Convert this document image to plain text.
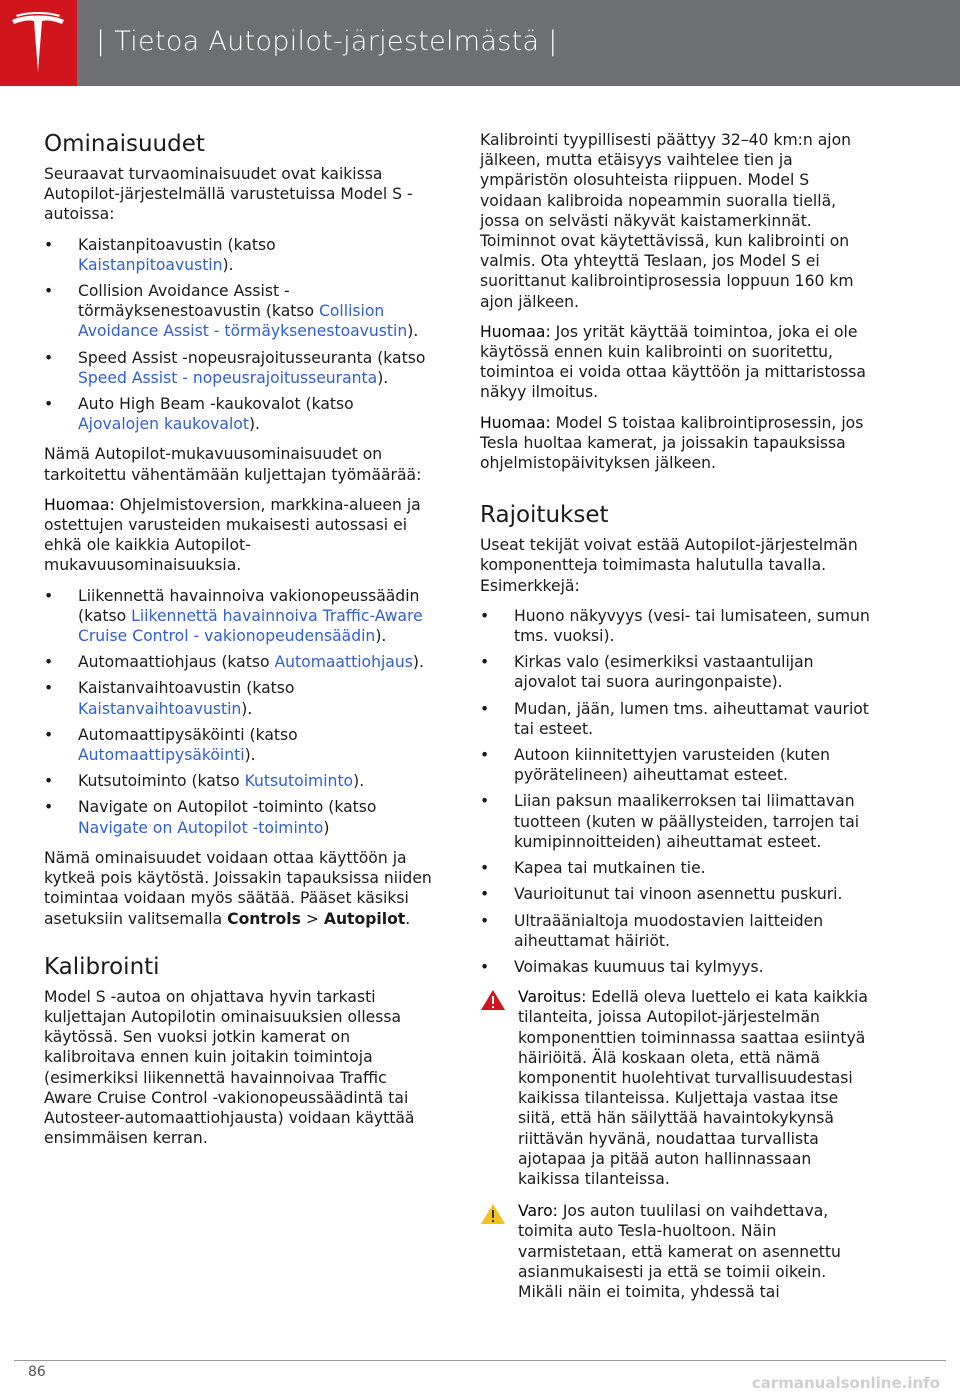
| Tietoa Autopilot-järjestelmästä |
Ominaisuudet

Seuraavat turvaominaisuudet ovat kaikissa Autopilot-järjestelmällä varustetuissa Model S -autoissa:

• Kaistanpitoavustin (katso Kaistanpitoavustin).
• Collision Avoidance Assist - törmäyksenestoavustin (katso Collision Avoidance Assist - törmäyksenestoavustin).
• Speed Assist -nopeusrajoitusseuranta (katso Speed Assist - nopeusrajoitusseuranta).
• Auto High Beam -kaukovalot (katso Ajovalojen kaukovalot).

Nämä Autopilot-mukavuusominaisuudet on tarkoitettu vähentämään kuljettajan työmäärää:

Huomaa: Ohjelmistoversion, markkina-alueen ja ostettujen varusteiden mukaisesti autossasi ei ehkä ole kaikkia Autopilot-mukavuusominaisuuksia.

• Liikennettä havainnoiva vakionopeussäädin (katso Liikennettä havainnoiva Traffic-Aware Cruise Control - vakionopeudensäädin).
• Automaattiohjaus (katso Automaattiohjaus).
• Kaistanvaihtoavustin (katso Kaistanvaihtoavustin).
• Automaattipysäköinti (katso Automaattipysäköinti).
• Kutsutoiminto (katso Kutsutoiminto).
• Navigate on Autopilot -toiminto (katso Navigate on Autopilot -toiminto)

Nämä ominaisuudet voidaan ottaa käyttöön ja kytkeä pois käytöstä. Joissakin tapauksissa niiden toimintaa voidaan myös säätää. Pääset käsiksi asetuksiin valitsemalla Controls > Autopilot.

Kalibrointi

Model S -autoa on ohjattava hyvin tarkasti kuljettajan Autopilotin ominaisuuksien ollessa käytössä. Sen vuoksi jotkin kamerat on kalibroitava ennen kuin joitakin toimintoja (esimerkiksi liikennettä havainnoivaa Traffic Aware Cruise Control -vakionopeussäädintä tai Autosteer-automaattiohjausta) voidaan käyttää ensimmäisen kerran.

Kalibrointi tyypillisesti päättyy 32–40 km:n ajon jälkeen, mutta etäisyys vaihtelee tien ja ympäristön olosuhteista riippuen. Model S voidaan kalibroida nopeammin suoralla tiellä, jossa on selvästi näkyvät kaistamerkinnät. Toiminnot ovat käytettävissä, kun kalibrointi on valmis. Ota yhteyttä Teslaan, jos Model S ei suorittanut kalibrointiprosessia loppuun 160 km ajon jälkeen.

Huomaa: Jos yrität käyttää toimintoa, joka ei ole käytössä ennen kuin kalibrointi on suoritettu, toimintoa ei voida ottaa käyttöön ja mittaristossa näkyy ilmoitus.

Huomaa: Model S toistaa kalibrointiprosessin, jos Tesla huoltaa kamerat, ja joissakin tapauksissa ohjelmistopäivityksen jälkeen.

Rajoitukset

Useat tekijät voivat estää Autopilot-järjestelmän komponentteja toimimasta halutulla tavalla. Esimerkkejä:

• Huono näkyvyys (vesi- tai lumisateen, sumun tms. vuoksi).
• Kirkas valo (esimerkiksi vastaantulijan ajovalot tai suora auringonpaiste).
• Mudan, jään, lumen tms. aiheuttamat vauriot tai esteet.
• Autoon kiinnitettyjen varusteiden (kuten pyörätelineen) aiheuttamat esteet.
• Liian paksun maalikerroksen tai liimattavan tuotteen (kuten w päällysteiden, tarrojen tai kumipinnoitteiden) aiheuttamat esteet.
• Kapea tai mutkainen tie.
• Vaurioitunut tai vinoon asennettu puskuri.
• Ultraäänialtoja muodostavien laitteiden aiheuttamat häiriöt.
• Voimakas kuumuus tai kylmyys.
Varoitus: Edellä oleva luettelo ei kata kaikkia tilanteita, joissa Autopilot-järjestelmän komponenttien toiminnassa saattaa esiintyä häiriöitä. Älä koskaan oleta, että nämä komponentit huolehtivat turvallisuudestasi kaikissa tilanteissa. Kuljettaja vastaa itse siitä, että hän säilyttää havaintokykynsä riittävän hyvänä, noudattaa turvallista ajotapaa ja pitää auton hallinnassaan kaikissa tilanteissa.
Varo: Jos auton tuulilasi on vaihdettava, toimita auto Tesla-huoltoon. Näin varmistetaan, että kamerat on asennettu asianmukaisesti ja että se toimii oikein. Mikäli näin ei toimita, yhdessä tai
86
carmanualsonline.info
